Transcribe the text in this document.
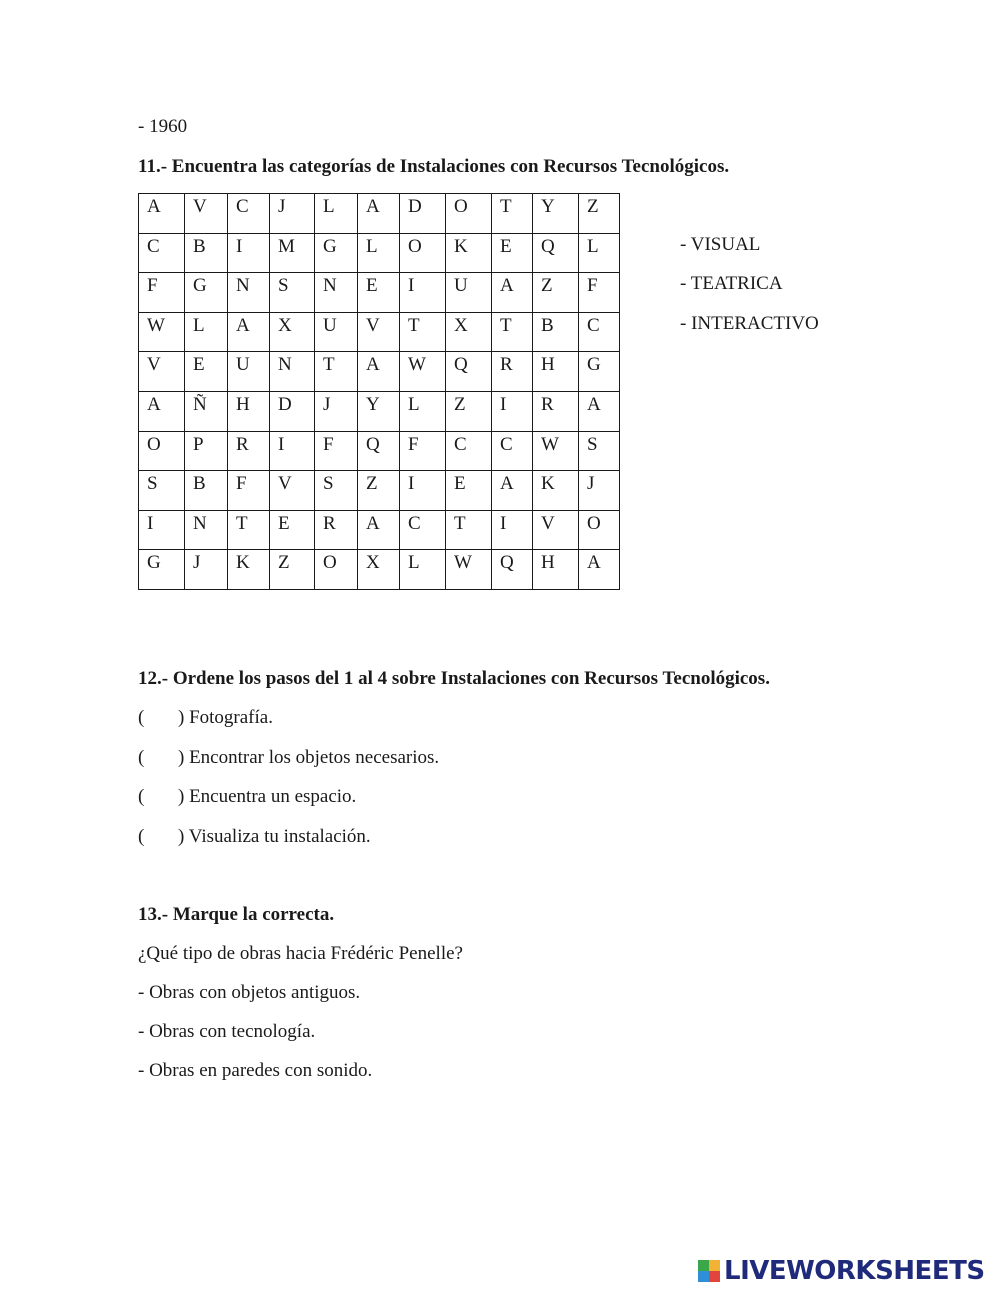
- 1960
11.- Encuentra las categorías de Instalaciones con Recursos Tecnológicos.
A	V	C	J	L	A	D	O	T	Y	Z
C	B	I	M	G	L	O	K	E	Q	L
F	G	N	S	N	E	I	U	A	Z	F
W	L	A	X	U	V	T	X	T	B	C
V	E	U	N	T	A	W	Q	R	H	G
A	Ñ	H	D	J	Y	L	Z	I	R	A
O	P	R	I	F	Q	F	C	C	W	S
S	B	F	V	S	Z	I	E	A	K	J
I	N	T	E	R	A	C	T	I	V	O
G	J	K	Z	O	X	L	W	Q	H	A
- VISUAL
- TEATRICA
- INTERACTIVO
12.- Ordene los pasos del 1 al 4 sobre Instalaciones con Recursos Tecnológicos.
( ) Fotografía.
( ) Encontrar los objetos necesarios.
( ) Encuentra un espacio.
( ) Visualiza tu instalación.
13.- Marque la correcta.
¿Qué tipo de obras hacia Frédéric Penelle?
- Obras con objetos antiguos.
- Obras con tecnología.
- Obras en paredes con sonido.
LIVEWORKSHEETS
